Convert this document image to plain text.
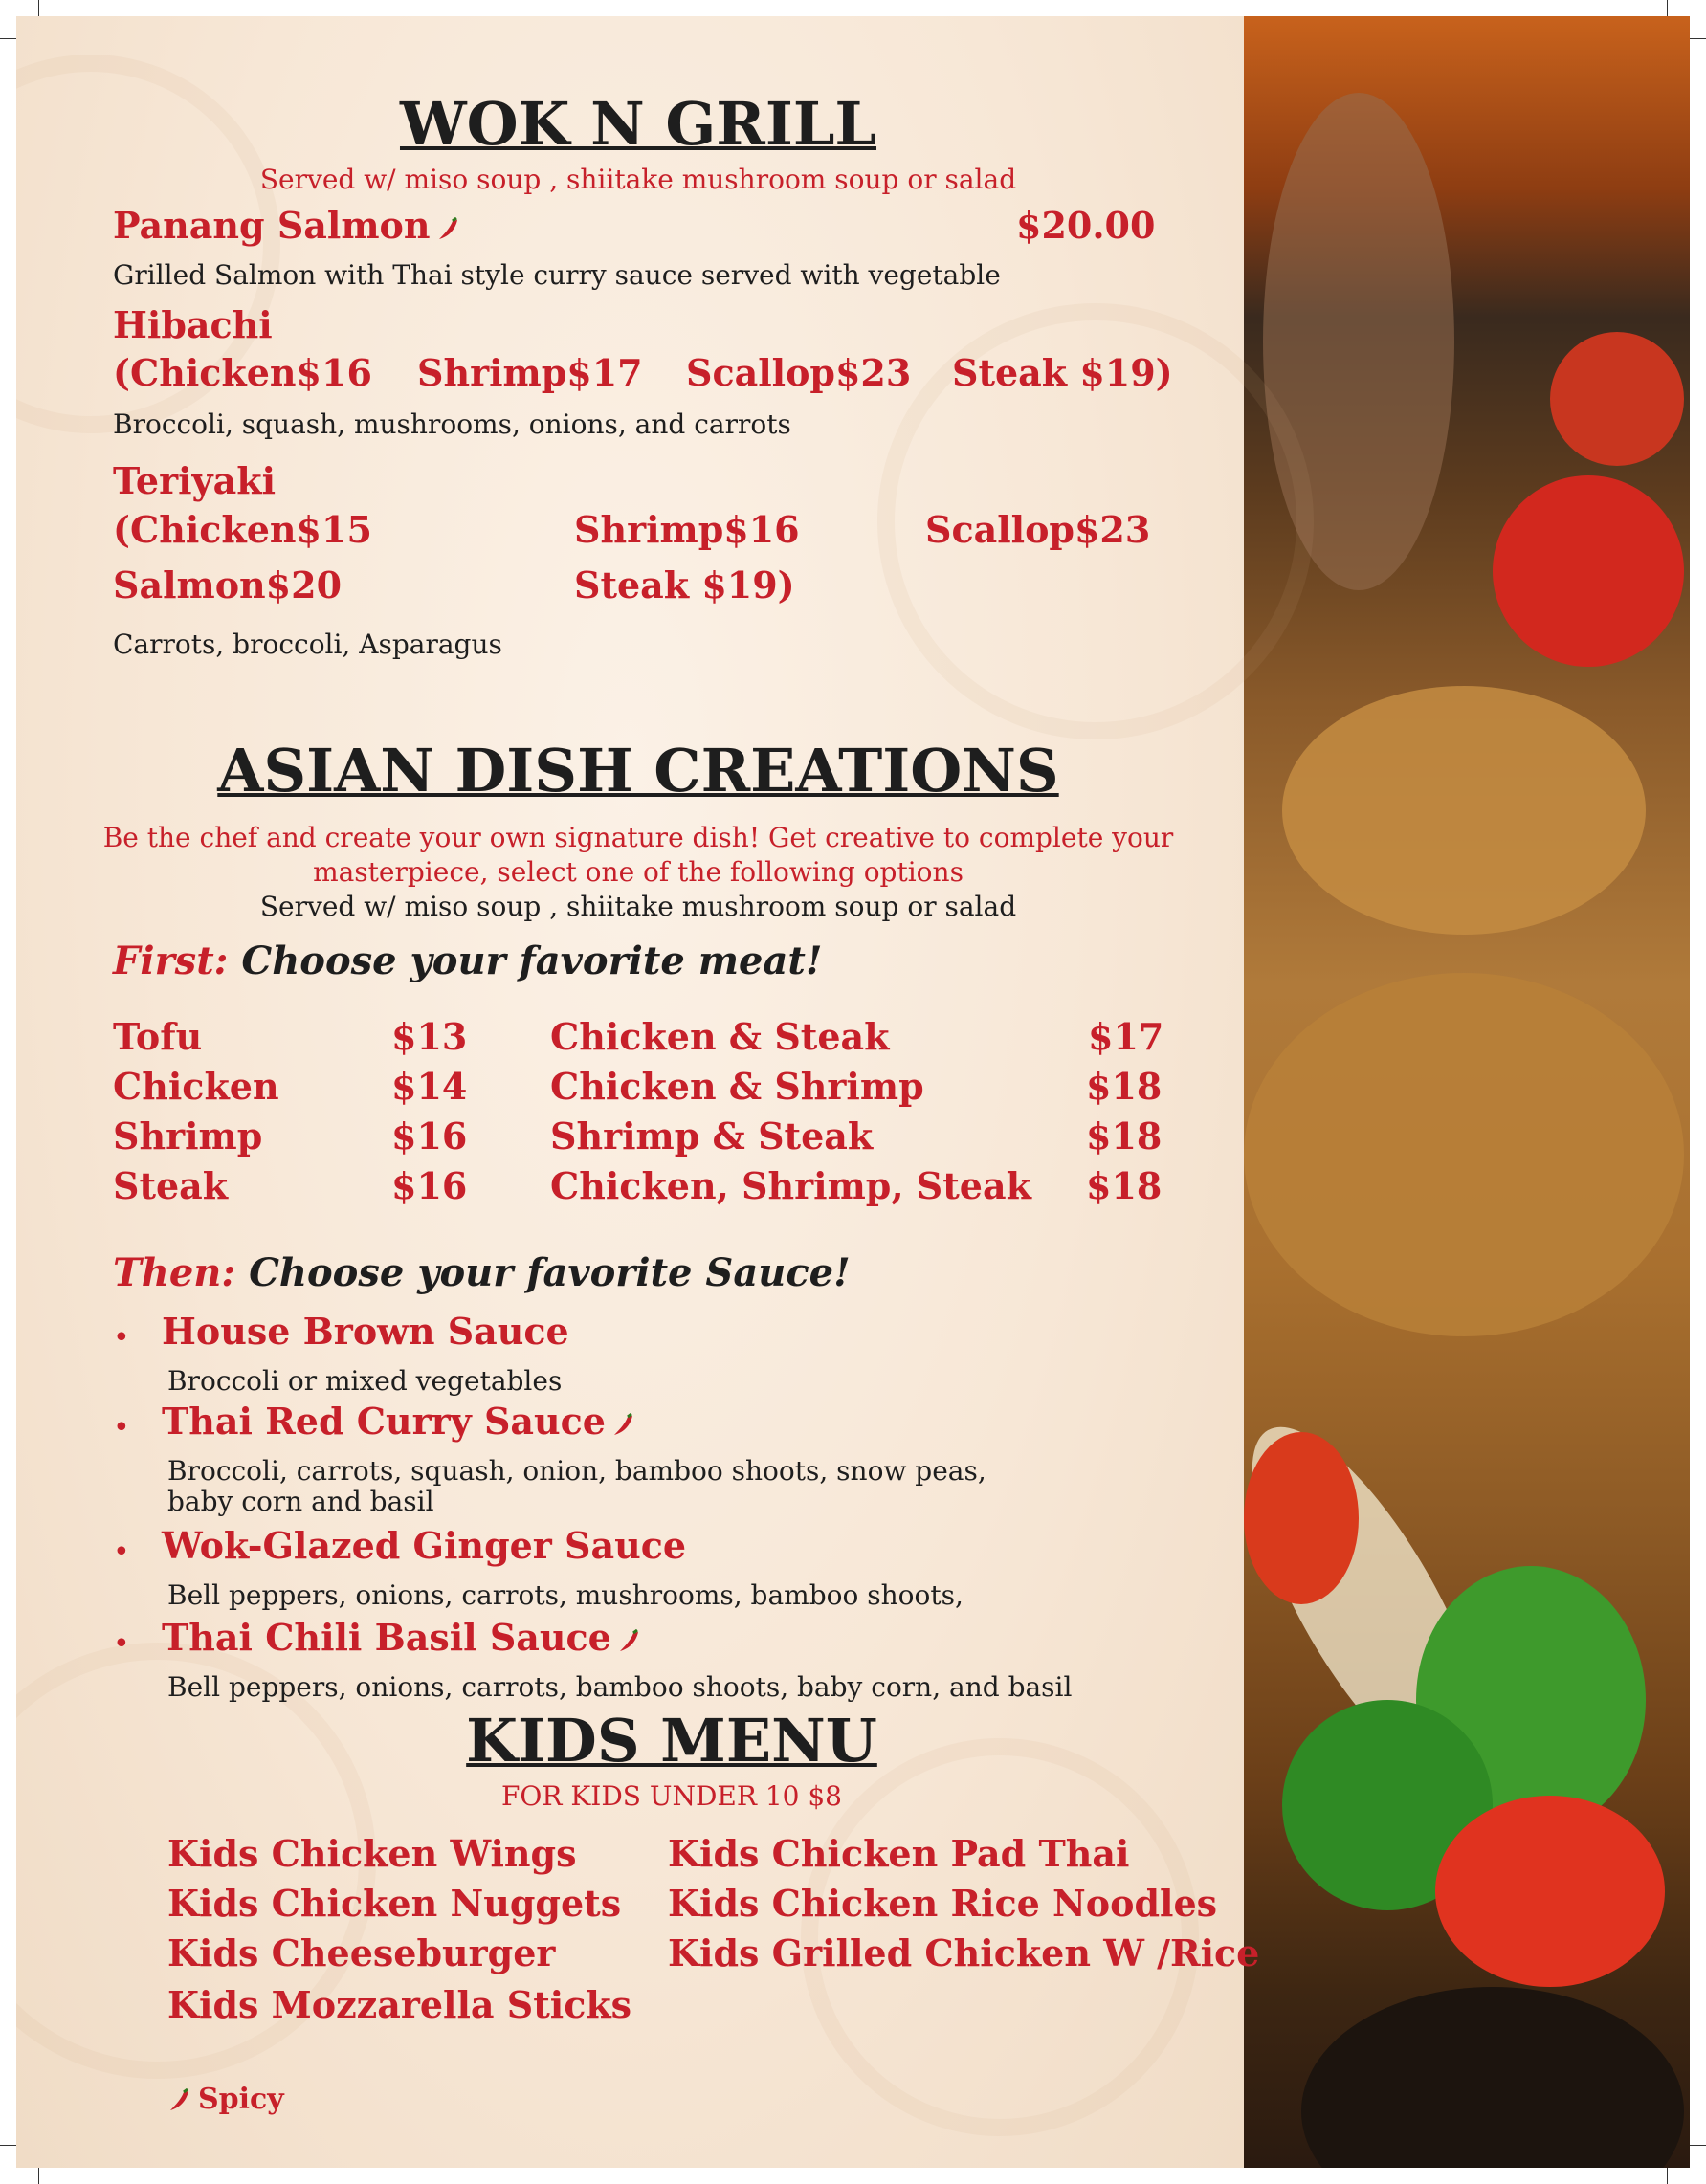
WOK N GRILL
Served w/ miso soup , shiitake mushroom soup or salad
Panang Salmon	$20.00
Grilled Salmon with Thai style curry sauce served with vegetable
Hibachi
(Chicken$16 Shrimp$17 Scallop$23 Steak $19)
Broccoli, squash, mushrooms, onions, and carrots
Teriyaki
(Chicken$15	Shrimp$16	Scallop$23
Salmon$20	Steak $19)
Carrots, broccoli, Asparagus
ASIAN DISH CREATIONS
Be the chef and create your own signature dish! Get creative to complete your
masterpiece, select one of the following options
Served w/ miso soup , shiitake mushroom soup or salad
First: Choose your favorite meat!
Tofu	$13
Chicken	$14
Shrimp	$16
Steak	$16
Chicken & Steak	$17
Chicken & Shrimp	$18
Shrimp & Steak	$18
Chicken, Shrimp, Steak $18
Then: Choose your favorite Sauce!
• House Brown Sauce
Broccoli or mixed vegetables
• Thai Red Curry Sauce
Broccoli, carrots, squash, onion, bamboo shoots, snow peas,
baby corn and basil
• Wok-Glazed Ginger Sauce
Bell peppers, onions, carrots, mushrooms, bamboo shoots,
• Thai Chili Basil Sauce
Bell peppers, onions, carrots, bamboo shoots, baby corn, and basil
KIDS MENU
FOR KIDS UNDER 10 $8
Kids Chicken Wings
Kids Chicken Nuggets
Kids Cheeseburger
Kids Mozzarella Sticks
Kids Chicken Pad Thai
Kids Chicken Rice Noodles
Kids Grilled Chicken W /Rice
Spicy
